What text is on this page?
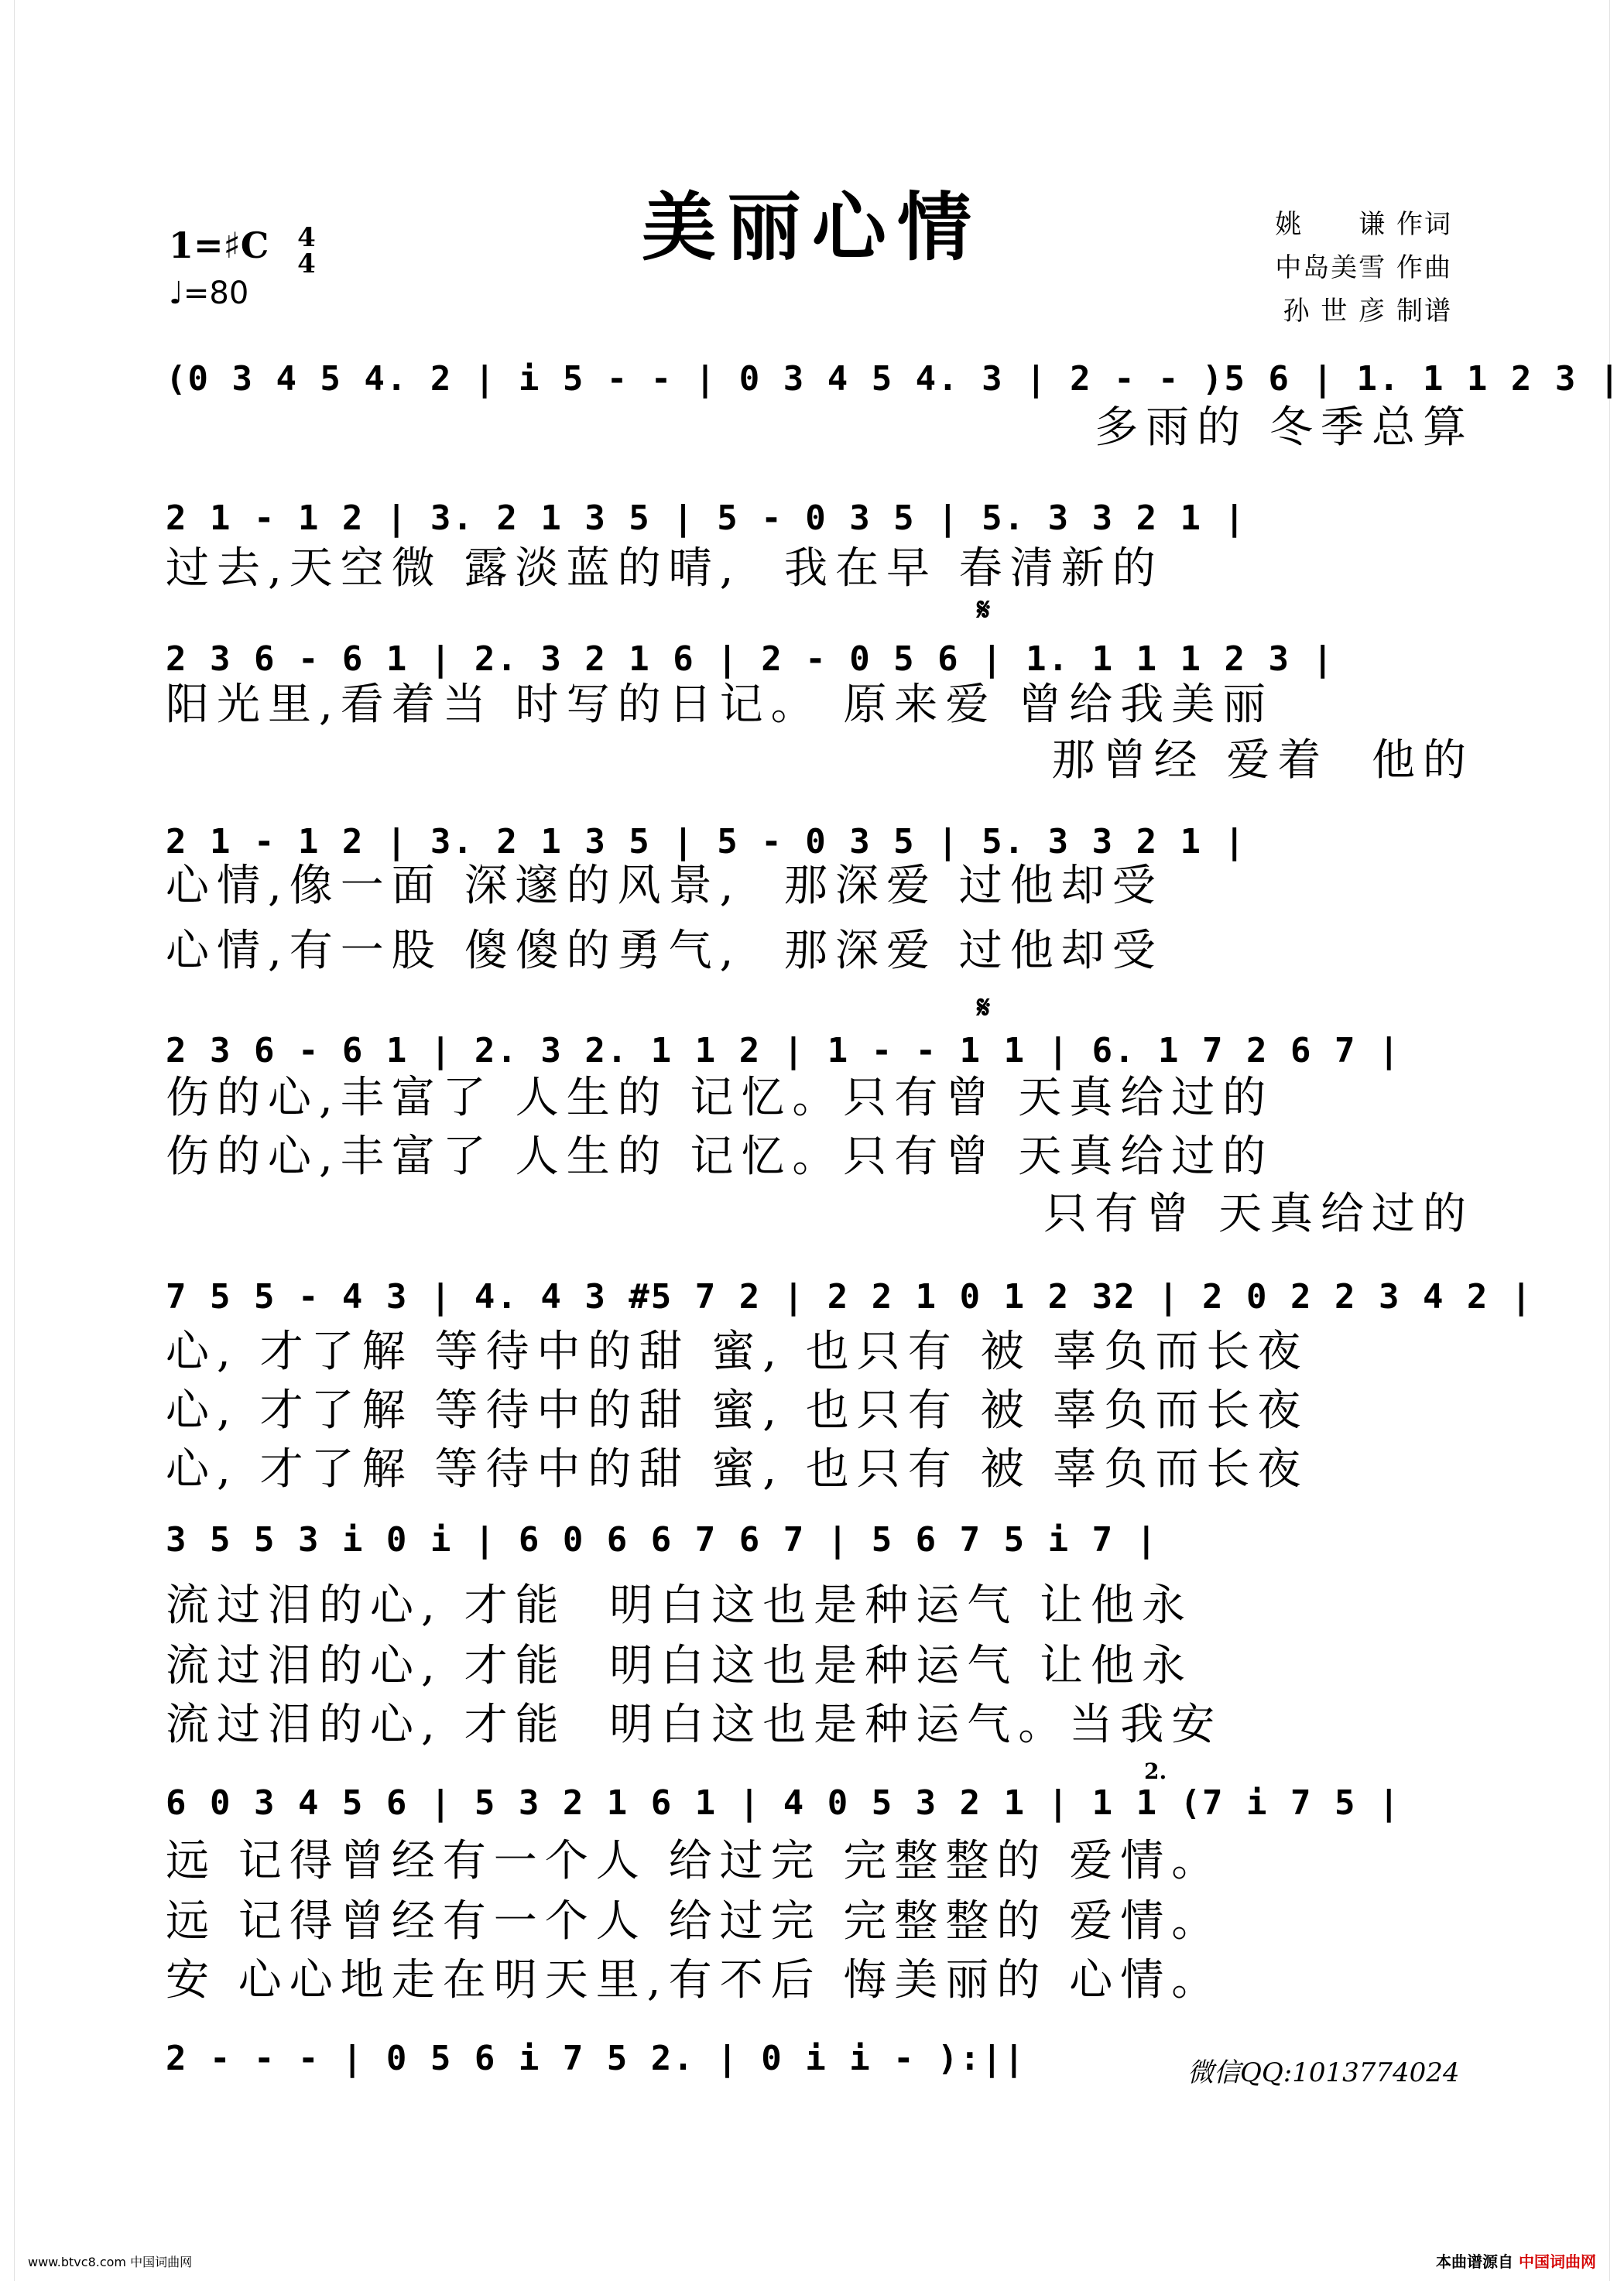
美丽心情
1=♯C 4
4
♩=80
姚　　谦 作词
中岛美雪 作曲
孙 世 彦 制谱
(0 3 4 5 4. 2 | i 5 - - | 0 3 4 5 4. 3 | 2 - - )5 6 | 1. 1 1 2 3 |
多雨的 冬季总算
2 1 - 1 2 | 3. 2 1 3 5 | 5 - 0 3 5 | 5. 3 3 2 1 |
过去,天空微 露淡蓝的晴,  我在早 春清新的
𝄋
2 3 6 - 6 1 | 2. 3 2 1 6 | 2 - 0 5 6 | 1. 1 1 1 2 3 |
阳光里,看着当 时写的日记。 原来爱 曾给我美丽
那曾经 爱着  他的
2 1 - 1 2 | 3. 2 1 3 5 | 5 - 0 3 5 | 5. 3 3 2 1 |
心情,像一面 深邃的风景,  那深爱 过他却受
心情,有一股 傻傻的勇气,  那深爱 过他却受
𝄋
2 3 6 - 6 1 | 2. 3 2. 1 1 2 | 1 - - 1 1 | 6. 1 7 2 6 7 |
伤的心,丰富了 人生的 记忆。只有曾 天真给过的
伤的心,丰富了 人生的 记忆。只有曾 天真给过的
只有曾 天真给过的
7 5 5 - 4 3 | 4. 4 3 #5 7 2 | 2 2 1 0 1 2 32 | 2 0 2 2 3 4 2 |
心, 才了解 等待中的甜 蜜, 也只有 被 辜负而长夜
心, 才了解 等待中的甜 蜜, 也只有 被 辜负而长夜
心, 才了解 等待中的甜 蜜, 也只有 被 辜负而长夜
3 5 5 3 i 0 i | 6 0 6 6 7 6 7 | 5 6 7 5 i 7 |
流过泪的心, 才能  明白这也是种运气 让他永
流过泪的心, 才能  明白这也是种运气 让他永
流过泪的心, 才能  明白这也是种运气。当我安
2.
6 0 3 4 5 6 | 5 3 2 1 6 1 | 4 0 5 3 2 1 | 1 1 (7 i 7 5 |
远 记得曾经有一个人 给过完 完整整的 爱情。
远 记得曾经有一个人 给过完 完整整的 爱情。
安 心心地走在明天里,有不后 悔美丽的 心情。
2 - - - | 0 5 6 i 7 5 2. | 0 i i - ):||	微信QQ:1013774024
www.btvc8.com 中国词曲网	本曲谱源自 中国词曲网
